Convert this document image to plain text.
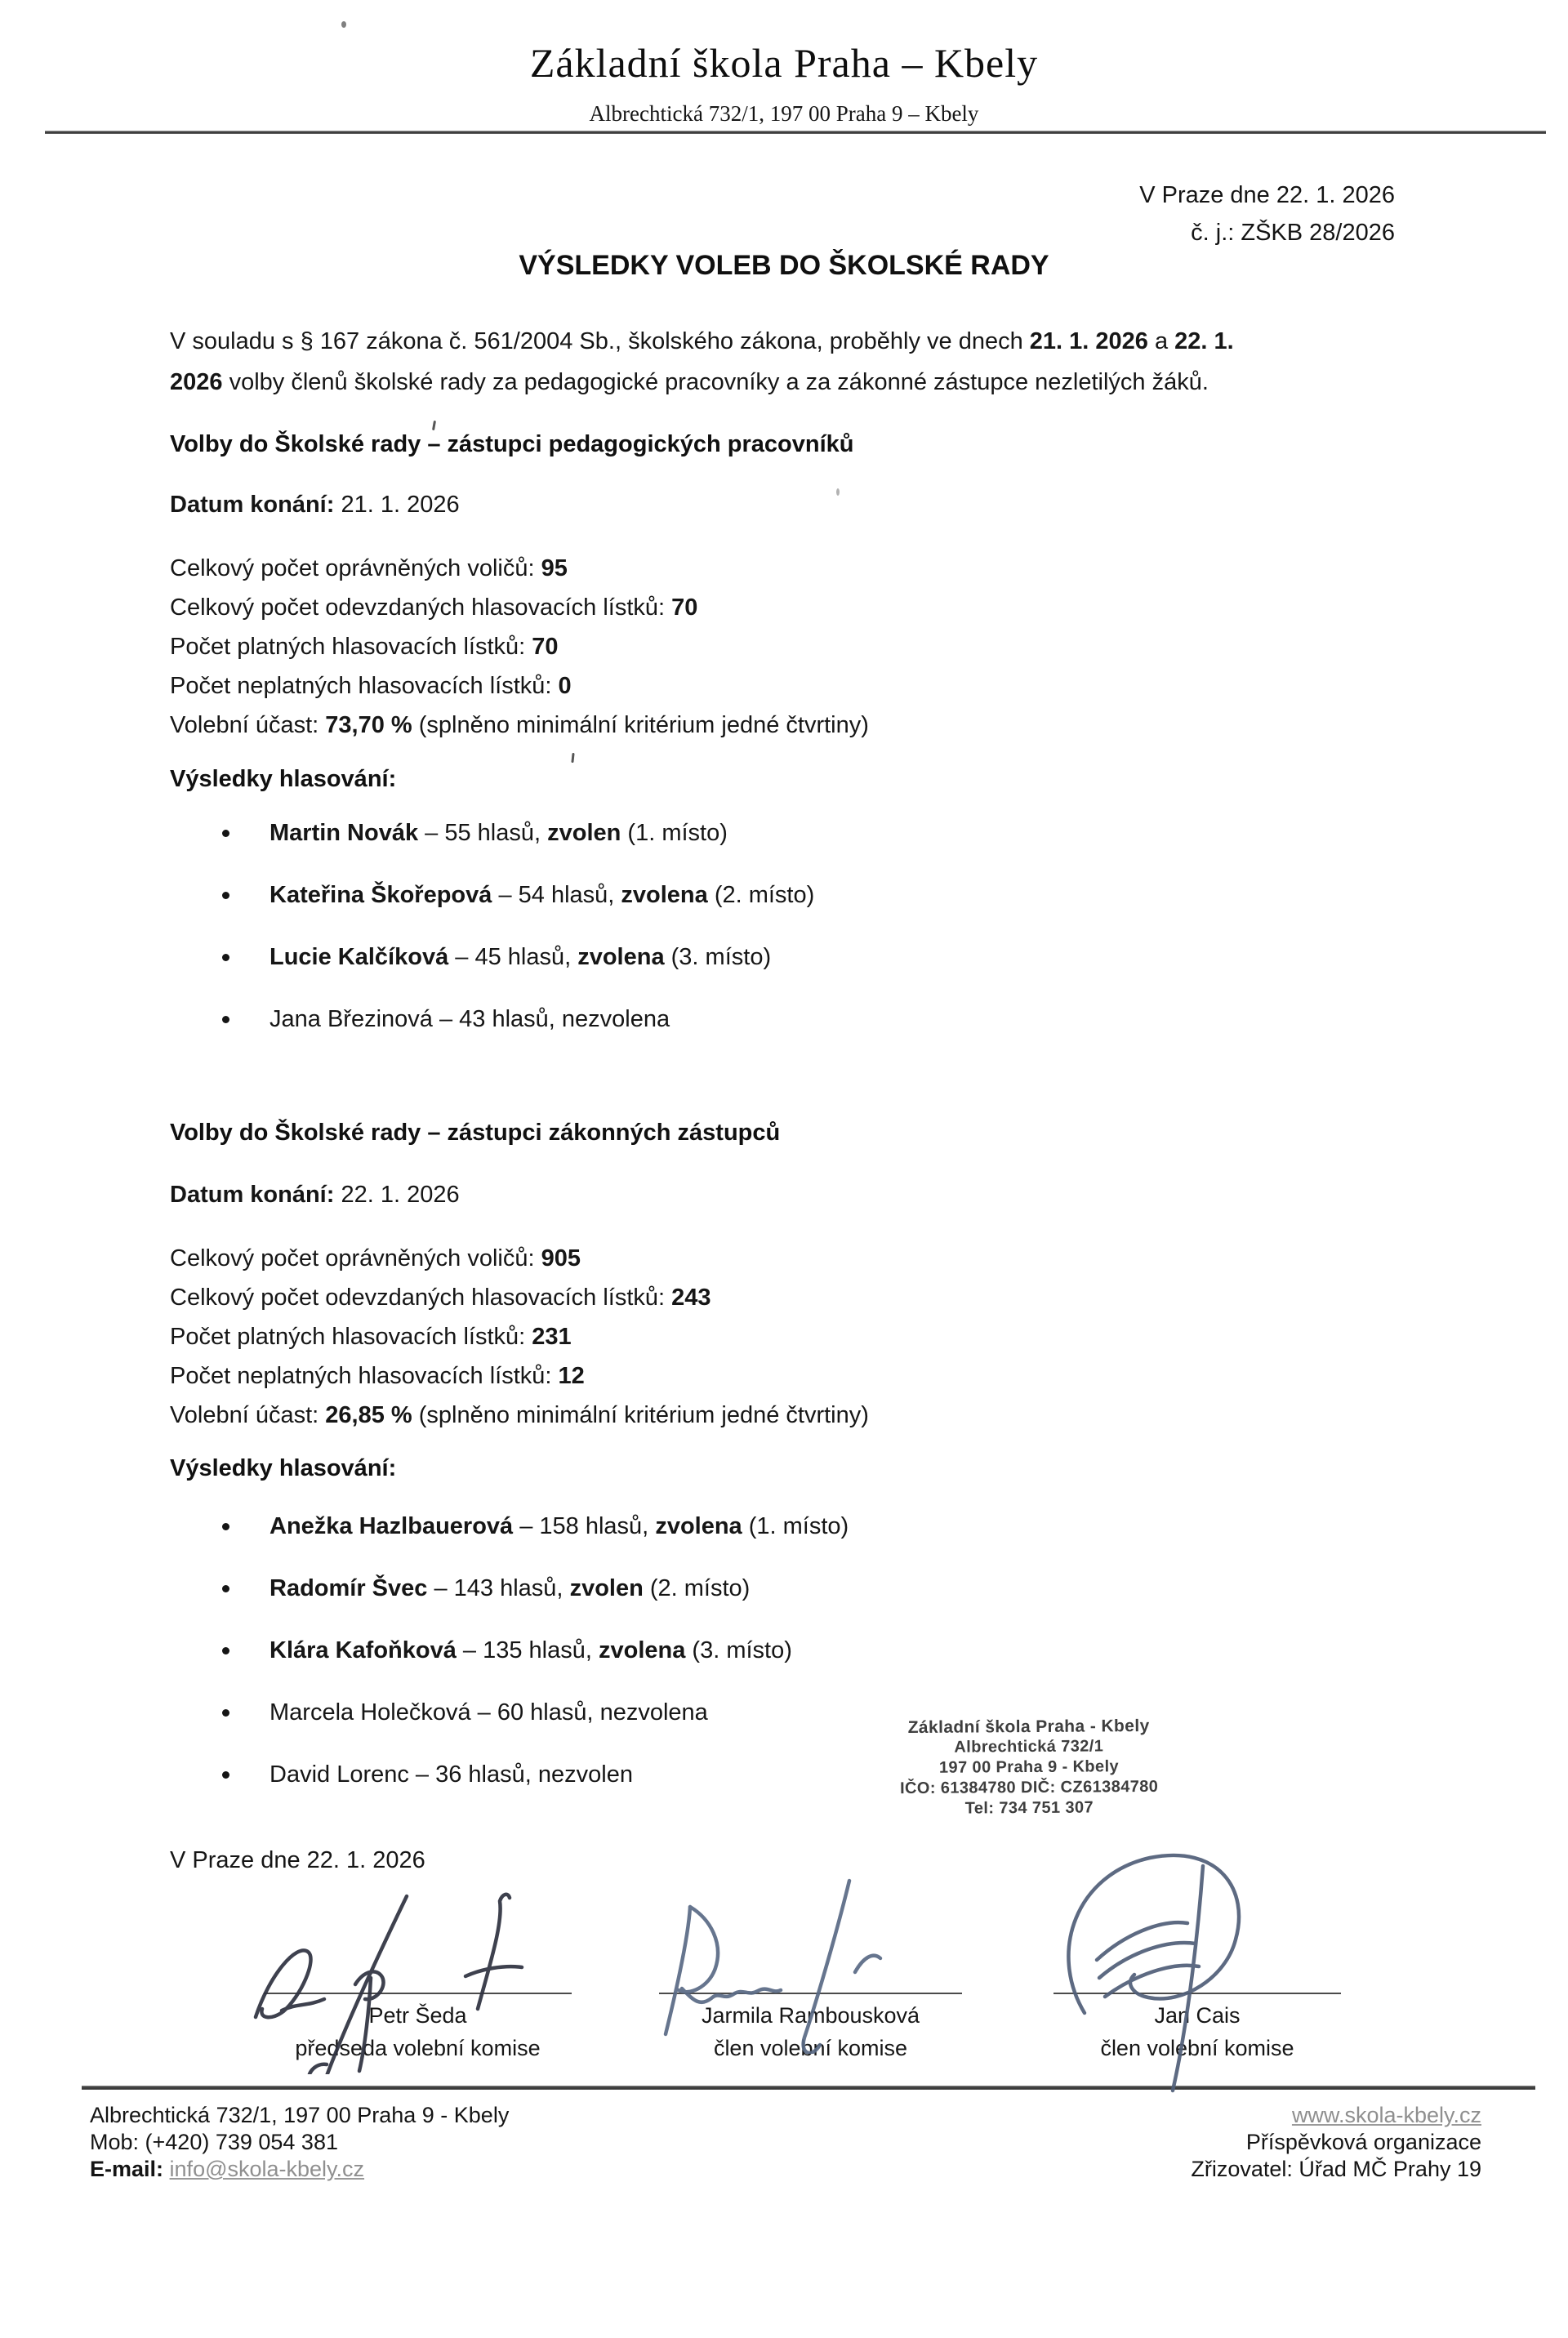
Základní škola Praha – Kbely
Albrechtická 732/1, 197 00 Praha 9 – Kbely
V Praze dne 22. 1. 2026
č. j.: ZŠKB 28/2026
VÝSLEDKY VOLEB DO ŠKOLSKÉ RADY

V souladu s § 167 zákona č. 561/2004 Sb., školského zákona, proběhly ve dnech 21. 1. 2026 a 22. 1.
2026 volby členů školské rady za pedagogické pracovníky a za zákonné zástupce nezletilých žáků.

Volby do Školské rady – zástupci pedagogických pracovníků
Datum konání: 21. 1. 2026
Celkový počet oprávněných voličů: 95
Celkový počet odevzdaných hlasovacích lístků: 70
Počet platných hlasovacích lístků: 70
Počet neplatných hlasovacích lístků: 0
Volební účast: 73,70 % (splněno minimální kritérium jedné čtvrtiny)
Výsledky hlasování:
Martin Novák – 55 hlasů, zvolen (1. místo)
Kateřina Škořepová – 54 hlasů, zvolena (2. místo)
Lucie Kalčíková – 45 hlasů, zvolena (3. místo)
Jana Březinová – 43 hlasů, nezvolena
Volby do Školské rady – zástupci zákonných zástupců
Datum konání: 22. 1. 2026
Celkový počet oprávněných voličů: 905
Celkový počet odevzdaných hlasovacích lístků: 243
Počet platných hlasovacích lístků: 231
Počet neplatných hlasovacích lístků: 12
Volební účast: 26,85 % (splněno minimální kritérium jedné čtvrtiny)
Výsledky hlasování:
Anežka Hazlbauerová – 158 hlasů, zvolena (1. místo)
Radomír Švec – 143 hlasů, zvolen (2. místo)
Klára Kafoňková – 135 hlasů, zvolena (3. místo)
Marcela Holečková – 60 hlasů, nezvolena
David Lorenc – 36 hlasů, nezvolen
Základní škola Praha - Kbely
Albrechtická 732/1
197 00 Praha 9 - Kbely
IČO: 61384780 DIČ: CZ61384780
Tel: 734 751 307
V Praze dne 22. 1. 2026
Petr Šeda
předseda volební komise
Jarmila Rambousková
člen volební komise
Jan Cais
člen volební komise
Albrechtická 732/1, 197 00 Praha 9 - Kbely
Mob: (+420) 739 054 381
E-mail: info@skola-kbely.cz
www.skola-kbely.cz
Příspěvková organizace
Zřizovatel: Úřad MČ Prahy 19
